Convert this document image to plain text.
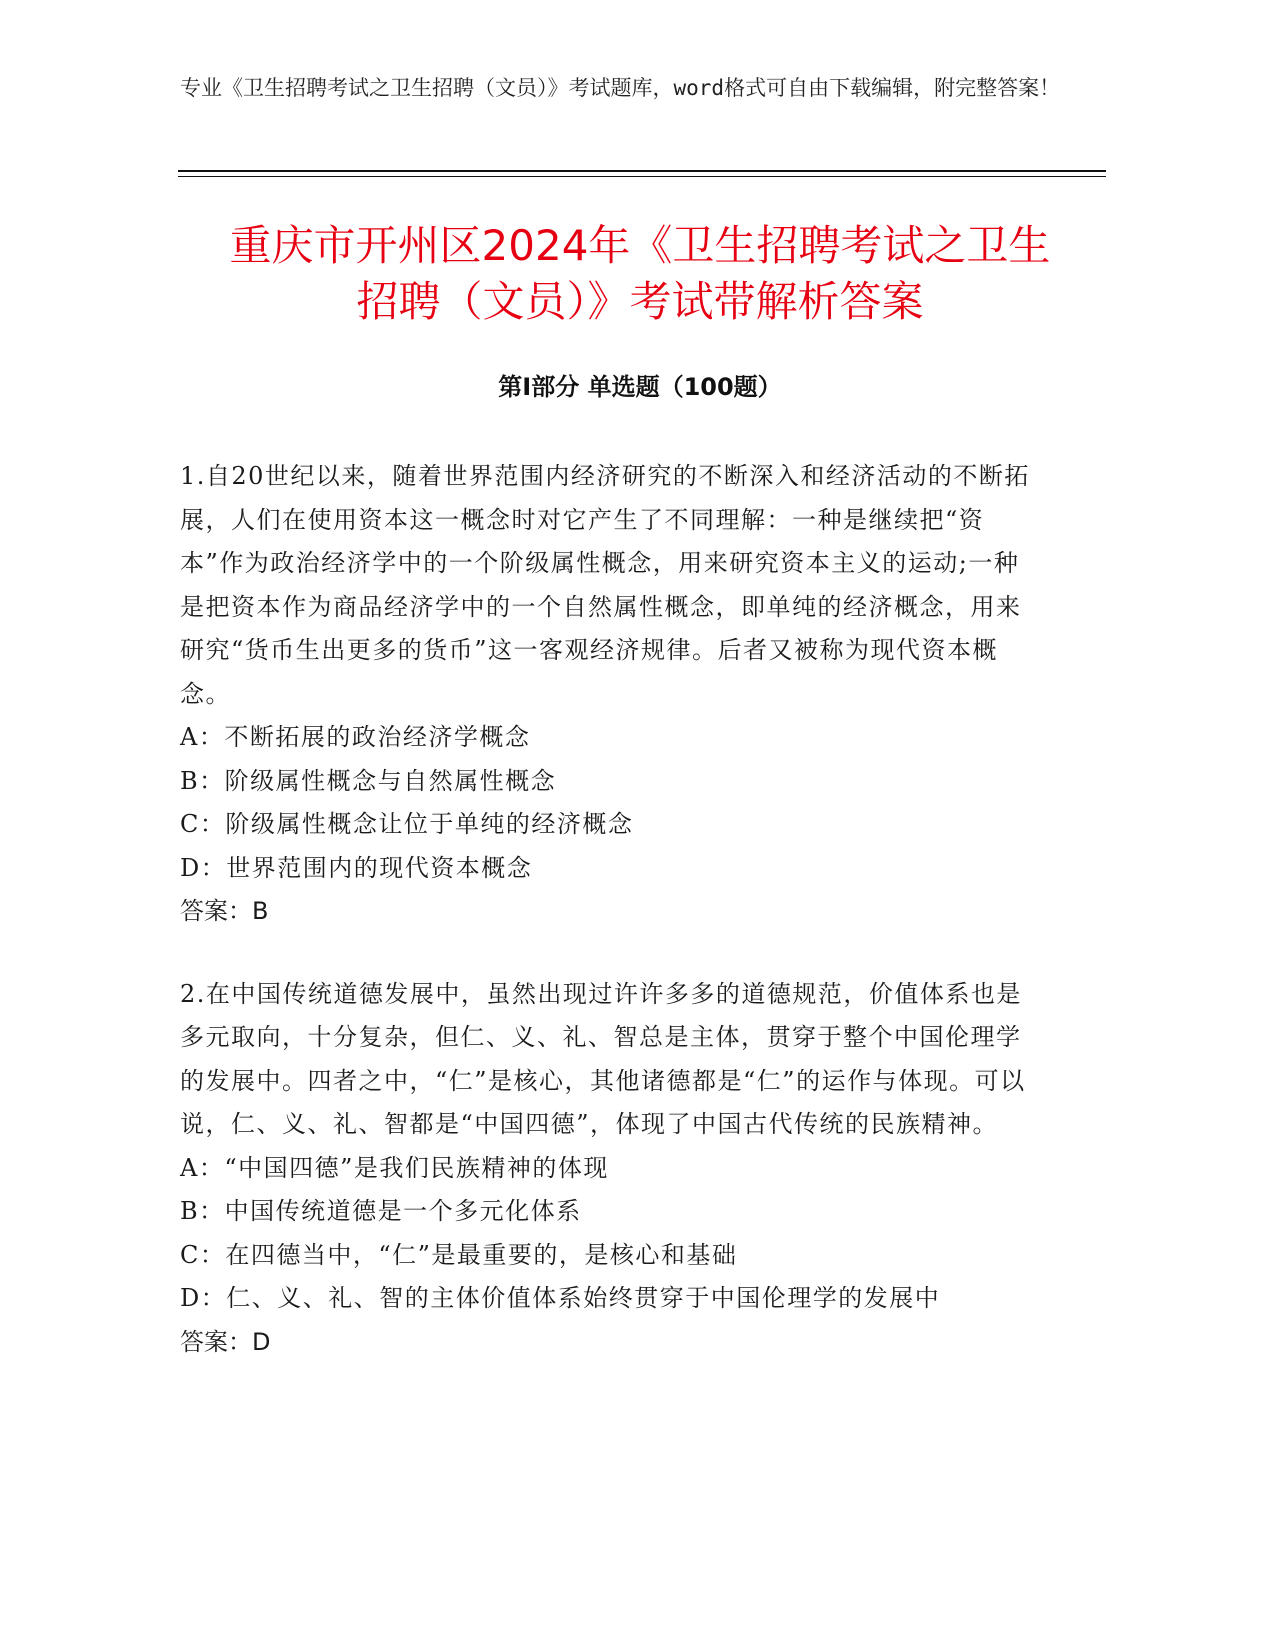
专业《卫生招聘考试之卫生招聘（文员）》考试题库，word格式可自由下载编辑，附完整答案！
重庆市开州区2024年《卫生招聘考试之卫生
招聘（文员）》考试带解析答案
第Ⅰ部分 单选题（100题）

1.自20世纪以来，随着世界范围内经济研究的不断深入和经济活动的不断拓展，人们在使用资本这一概念时对它产生了不同理解：一种是继续把“资本”作为政治经济学中的一个阶级属性概念，用来研究资本主义的运动;一种是把资本作为商品经济学中的一个自然属性概念，即单纯的经济概念，用来研究“货币生出更多的货币”这一客观经济规律。后者又被称为现代资本概念。

A：不断拓展的政治经济学概念

B：阶级属性概念与自然属性概念

C：阶级属性概念让位于单纯的经济概念

D：世界范围内的现代资本概念

答案：B

2.在中国传统道德发展中，虽然出现过许许多多的道德规范，价值体系也是多元取向，十分复杂，但仁、义、礼、智总是主体，贯穿于整个中国伦理学的发展中。四者之中，“仁”是核心，其他诸德都是“仁”的运作与体现。可以说，仁、义、礼、智都是“中国四德”，体现了中国古代传统的民族精神。

A：“中国四德”是我们民族精神的体现

B：中国传统道德是一个多元化体系

C：在四德当中，“仁”是最重要的，是核心和基础

D：仁、义、礼、智的主体价值体系始终贯穿于中国伦理学的发展中

答案：D
